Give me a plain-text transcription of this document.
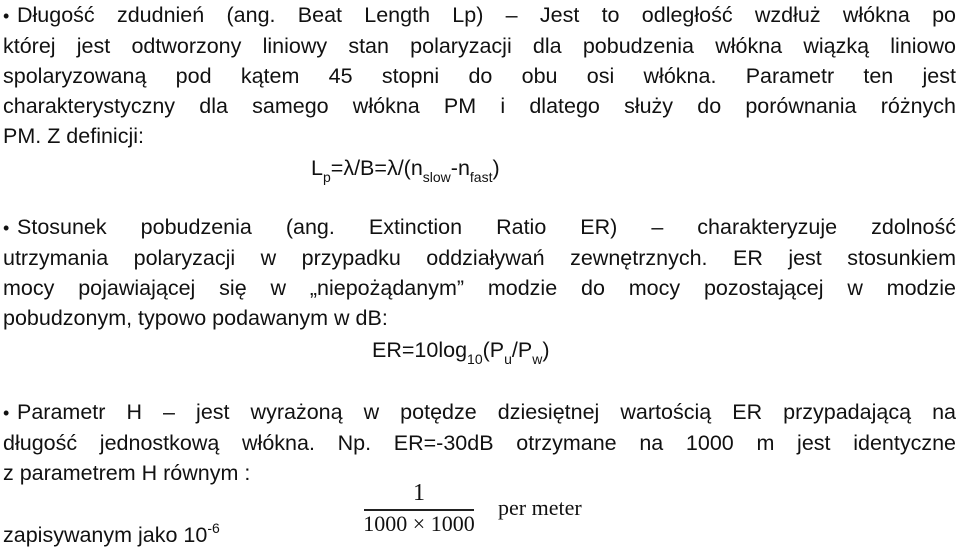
• Długość zdudnień (ang. Beat Length Lp) – Jest to odległość wzdłuż włókna po
której jest odtworzony liniowy stan polaryzacji dla pobudzenia włókna wiązką liniowo
spolaryzowaną pod kątem 45 stopni do obu osi włókna. Parametr ten jest
charakterystyczny dla samego włókna PM i dlatego służy do porównania różnych
PM. Z definicji:
$L_p=\lambda/B=\lambda/(n_{slow}-n_{fast})$
• Stosunek pobudzenia (ang. Extinction Ratio ER) – charakteryzuje zdolność
utrzymania polaryzacji w przypadku oddziaływań zewnętrznych. ER jest stosunkiem
mocy pojawiającej się w „niepożądanym” modzie do mocy pozostającej w modzie
pobudzonym, typowo podawanym w dB:
$ER=10\log_{10}(P_u/P_w)$
• Parametr H – jest wyrażoną w potędze dziesiętnej wartością ER przypadającą na
długość jednostkową włókna. Np. ER=-30dB otrzymane na 1000 m jest identyczne
z parametrem H równym :
zapisywanym jako $10^{-6}$
1
1000 × 1000
per meter
